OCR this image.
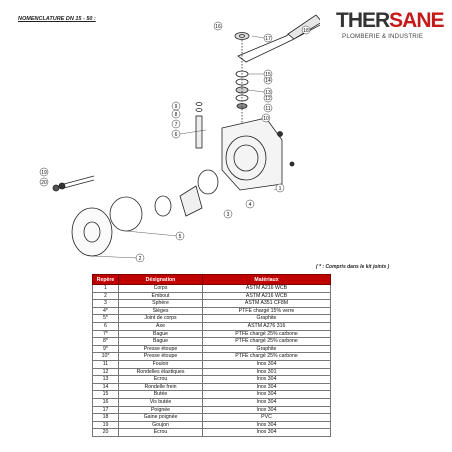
NOMENCLATURE DN 15 - 50 :	THERSANE
PLOMBERIE & INDUSTRIE
1
2
3
4
5
6
7
8
9
10
11
12
13
14
15
16
17
18
19
20
( * : Compris dans le kit joints )
Repère	Désignation	Matériaux
1	Corps	ASTM A216 WCB
2	Embout	ASTM A216 WCB
3	Sphère	ASTM A351 CF8M
4*	Sièges	PTFE chargé 15% verre
5*	Joint de corps	Graphite
6	Axe	ASTM A276 316
7*	Bague	PTFE chargé 25% carbone
8*	Bague	PTFE chargé 25% carbone
9*	Presse étoupe	Graphite
10*	Presse étoupe	PTFE chargé 25% carbone
11	Fouloir	Inox 304
12	Rondelles élastiques	Inox 301
13	Ecrou	Inox 304
14	Rondelle frein	Inox 304
15	Butée	Inox 304
16	Vis butée	Inox 304
17	Poignée	Inox 304
18	Gaine poignée	PVC
19	Goujon	Inox 304
20	Ecrou	Inox 304
